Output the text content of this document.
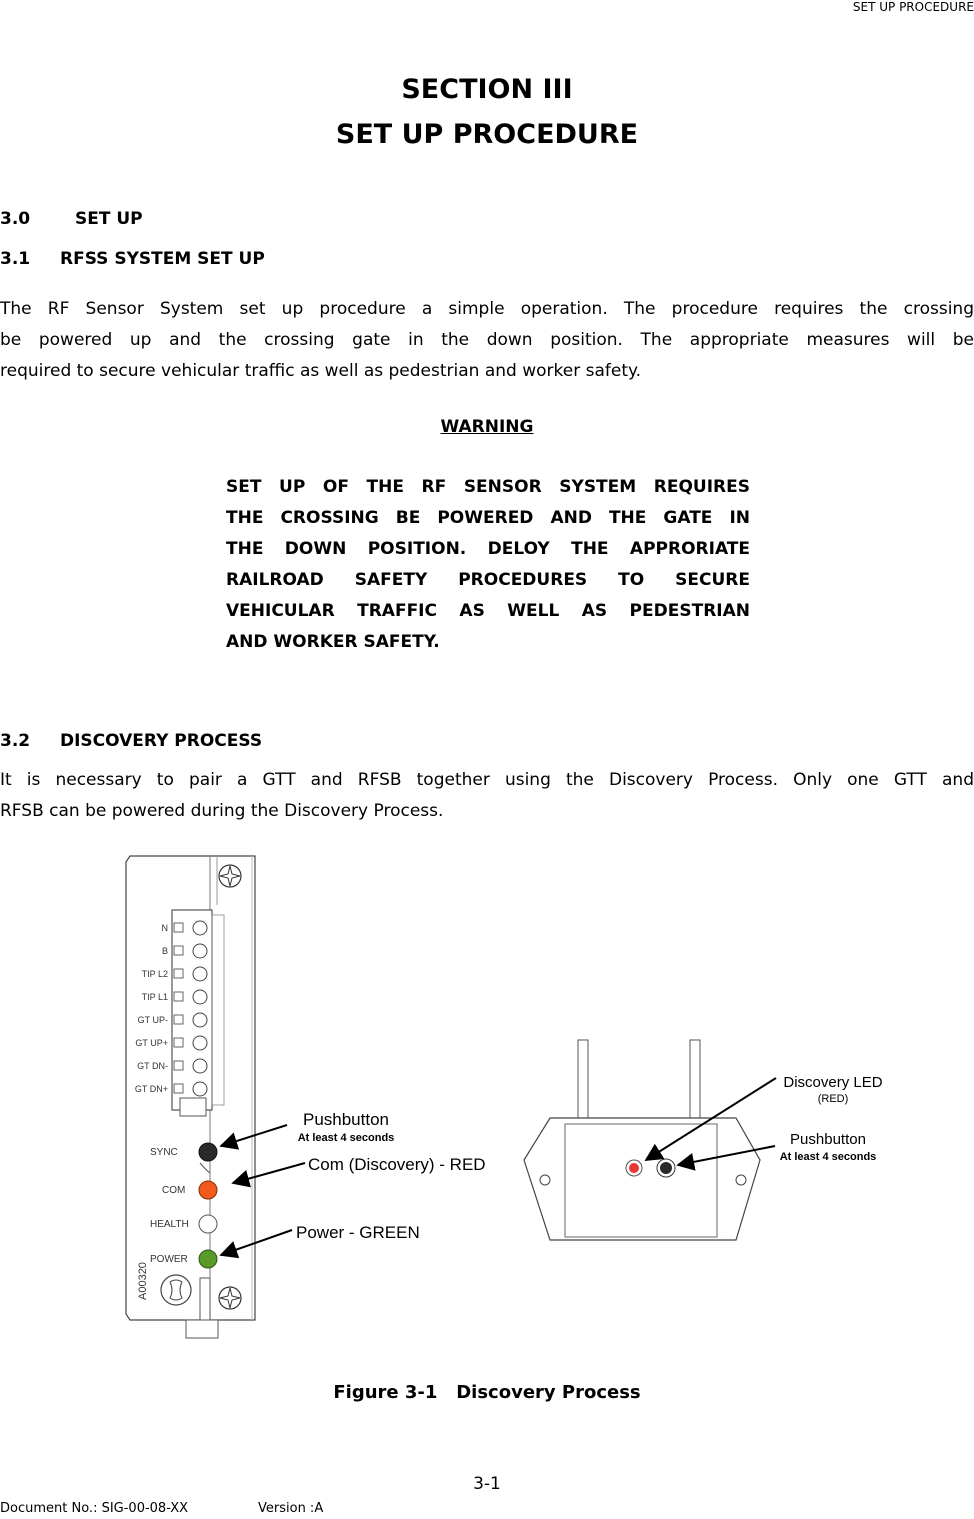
SET UP PROCEDURE
SECTION III
SET UP PROCEDURE
3.0	SET UP
3.1 RFSS SYSTEM SET UP
The RF Sensor System set up procedure a simple operation. The procedure requires the crossing
be powered up and the crossing gate in the down position. The appropriate measures will be
required to secure vehicular traffic as well as pedestrian and worker safety.
WARNING
SET UP OF THE RF SENSOR SYSTEM REQUIRES
THE CROSSING BE POWERED AND THE GATE IN
THE DOWN POSITION. DELOY THE APPRORIATE
RAILROAD SAFETY PROCEDURES TO SECURE
VEHICULAR TRAFFIC AS WELL AS PEDESTRIAN
AND WORKER SAFETY.
3.2 DISCOVERY PROCESS
It is necessary to pair a GTT and RFSB together using the Discovery Process. Only one GTT and
RFSB can be powered during the Discovery Process.
N
B
TIP L2
TIP L1
GT UP-
GT UP+
GT DN-
GT DN+
SYNC
COM
HEALTH
POWER
A00320
Pushbutton
At least 4 seconds
Com (Discovery) - RED
Power - GREEN
Discovery LED
(RED)
Pushbutton
At least 4 seconds
Figure 3-1 Discovery Process
3-1
Document No.: SIG-00-08-XX	Version :A
